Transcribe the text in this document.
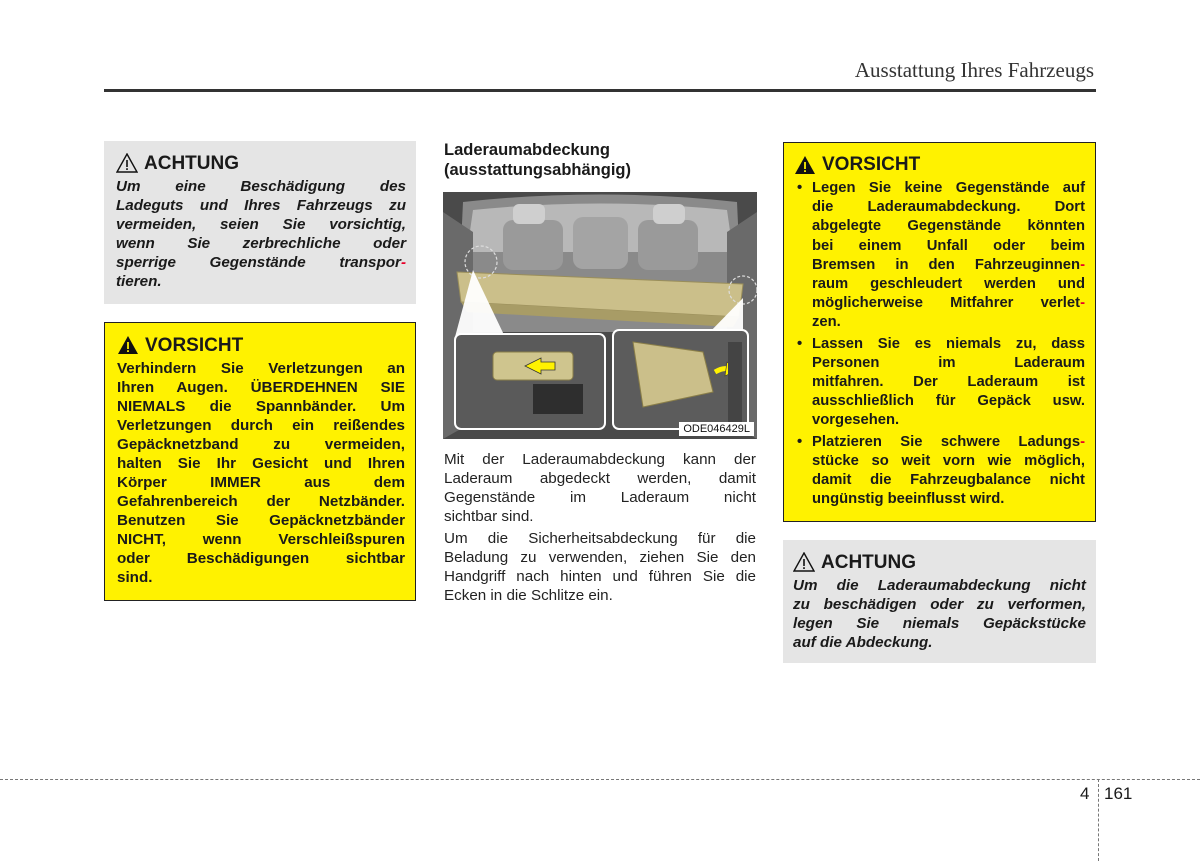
Ausstattung Ihres Fahrzeugs
ACHTUNG
Um eine Beschädigung des
Ladeguts und Ihres Fahrzeugs zu
vermeiden, seien Sie vorsichtig,
wenn Sie zerbrechliche oder
sperrige Gegenstände transpor-
tieren.
VORSICHT
Verhindern Sie Verletzungen an
Ihren Augen. ÜBERDEHNEN SIE
NIEMALS die Spannbänder. Um
Verletzungen durch ein reißendes
Gepäcknetzband zu vermeiden,
halten Sie Ihr Gesicht und Ihren
Körper IMMER aus dem
Gefahrenbereich der Netzbänder.
Benutzen Sie Gepäcknetzbänder
NICHT, wenn Verschleißspuren
oder Beschädigungen sichtbar
sind.
Laderaumabdeckung
(ausstattungsabhängig)
ODE046429L

Mit der Laderaumabdeckung kann der
Laderaum abgedeckt werden, damit
Gegenstände im Laderaum nicht
sichtbar sind.

Um die Sicherheitsabdeckung für die
Beladung zu verwenden, ziehen Sie den
Handgriff nach hinten und führen Sie die
Ecken in die Schlitze ein.

VORSICHT
• Legen Sie keine Gegenstände auf
die Laderaumabdeckung. Dort
abgelegte Gegenstände könnten
bei einem Unfall oder beim
Bremsen in den Fahrzeuginnen-
raum geschleudert werden und
möglicherweise Mitfahrer verlet-
zen.
• Lassen Sie es niemals zu, dass
Personen im Laderaum
mitfahren. Der Laderaum ist
ausschließlich für Gepäck usw.
vorgesehen.
• Platzieren Sie schwere Ladungs-
stücke so weit vorn wie möglich,
damit die Fahrzeugbalance nicht
ungünstig beeinflusst wird.
ACHTUNG
Um die Laderaumabdeckung nicht
zu beschädigen oder zu verformen,
legen Sie niemals Gepäckstücke
auf die Abdeckung.
4 161
